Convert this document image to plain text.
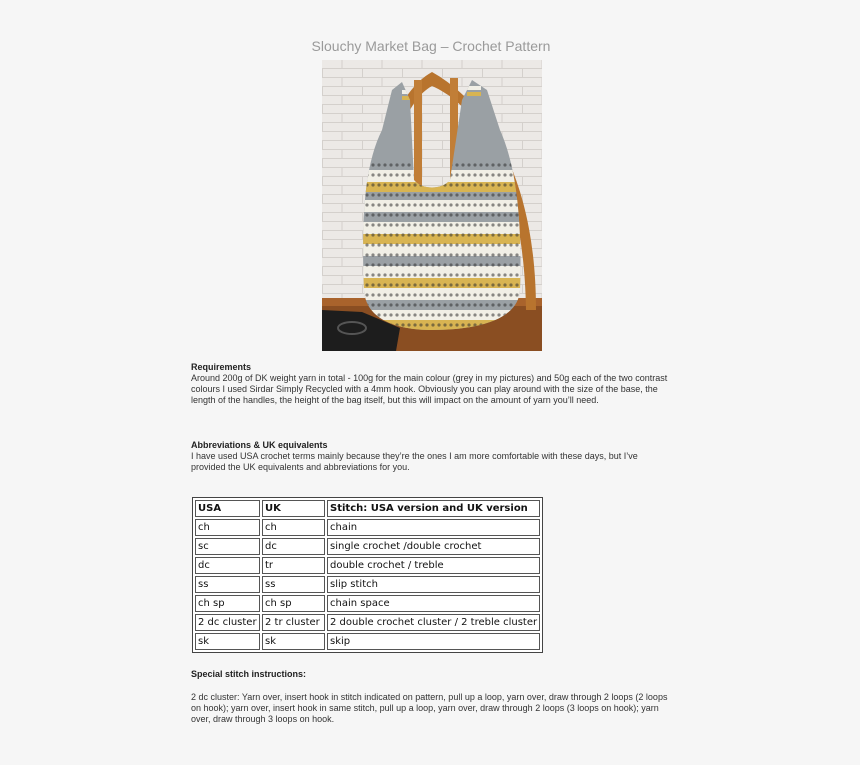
Slouchy Market Bag – Crochet Pattern
Requirements

Around 200g of DK weight yarn in total - 100g for the main colour (grey in my pictures) and 50g each of the two contrast colours I used Sirdar Simply Recycled with a 4mm hook. Obviously you can play around with the size of the base, the length of the handles, the height of the bag itself, but this will impact on the amount of yarn you’ll need.

Abbreviations & UK equivalents

I have used USA crochet terms mainly because they’re the ones I am more comfortable with these days, but I’ve provided the UK equivalents and abbreviations for you.

USA	UK	Stitch: USA version and UK version
ch	ch	chain
sc	dc	single crochet /double crochet
dc	tr	double crochet / treble
ss	ss	slip stitch
ch sp	ch sp	chain space
2 dc cluster	2 tr cluster	2 double crochet cluster / 2 treble cluster
sk	sk	skip
Special stitch instructions:

2 dc cluster: Yarn over, insert hook in stitch indicated on pattern, pull up a loop, yarn over, draw through 2 loops (2 loops on hook); yarn over, insert hook in same stitch, pull up a loop, yarn over, draw through 2 loops (3 loops on hook); yarn over, draw through 3 loops on hook.
